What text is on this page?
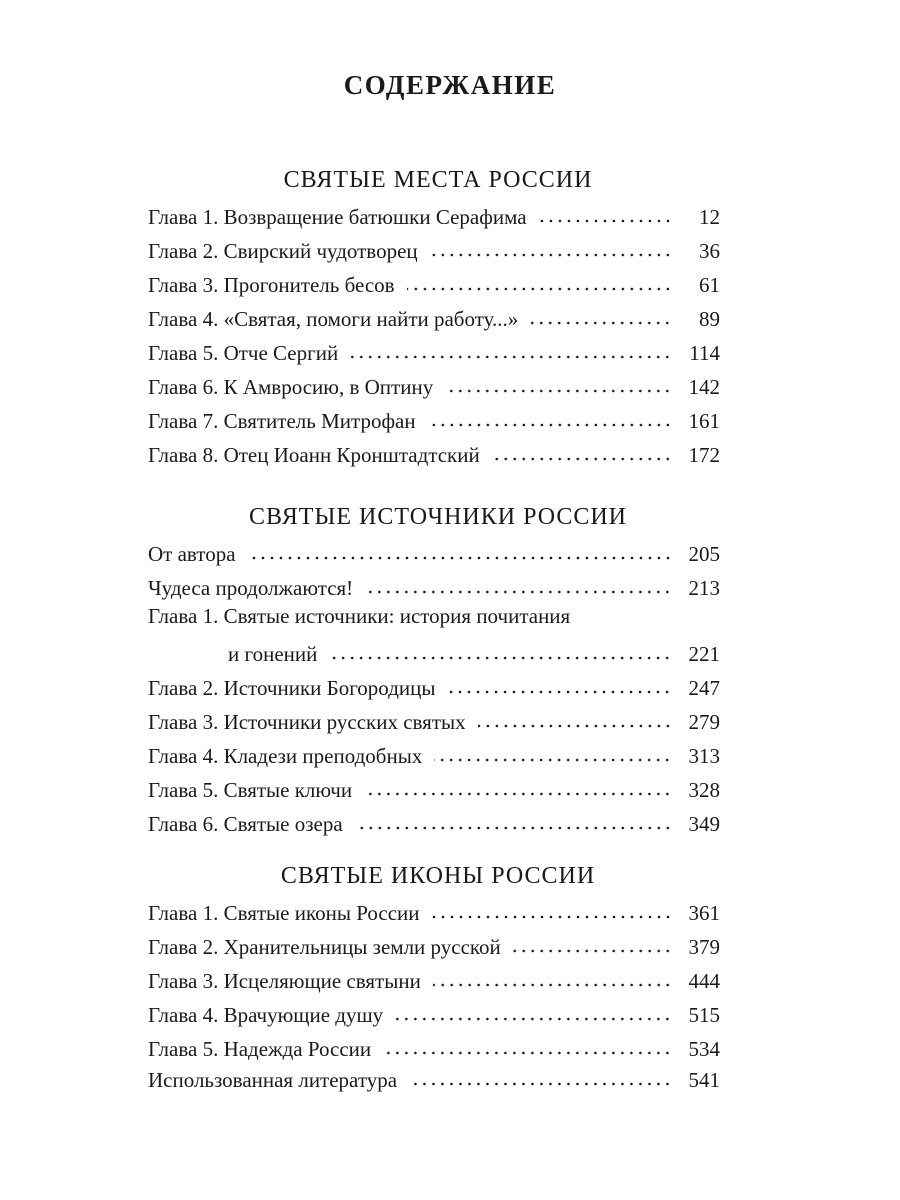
СОДЕРЖАНИЕ
СВЯТЫЕ МЕСТА РОССИИ
Глава 1. Возвращение батюшки Серафима	12
Глава 2. Свирский чудотворец	36
Глава 3. Прогонитель бесов	61
Глава 4. «Святая, помоги найти работу...»	89
Глава 5. Отче Сергий	114
Глава 6. К Амвросию, в Оптину	142
Глава 7. Святитель Митрофан	161
Глава 8. Отец Иоанн Кронштадтский	172
СВЯТЫЕ ИСТОЧНИКИ РОССИИ
От автора	205
Чудеса продолжаются!	213
Глава 1. Святые источники: история почитания
и гонений	221
Глава 2. Источники Богородицы	247
Глава 3. Источники русских святых	279
Глава 4. Кладези преподобных	313
Глава 5. Святые ключи	328
Глава 6. Святые озера	349
СВЯТЫЕ ИКОНЫ РОССИИ
Глава 1. Святые иконы России	361
Глава 2. Хранительницы земли русской	379
Глава 3. Исцеляющие святыни	444
Глава 4. Врачующие душу	515
Глава 5. Надежда России	534
Использованная литература	541
